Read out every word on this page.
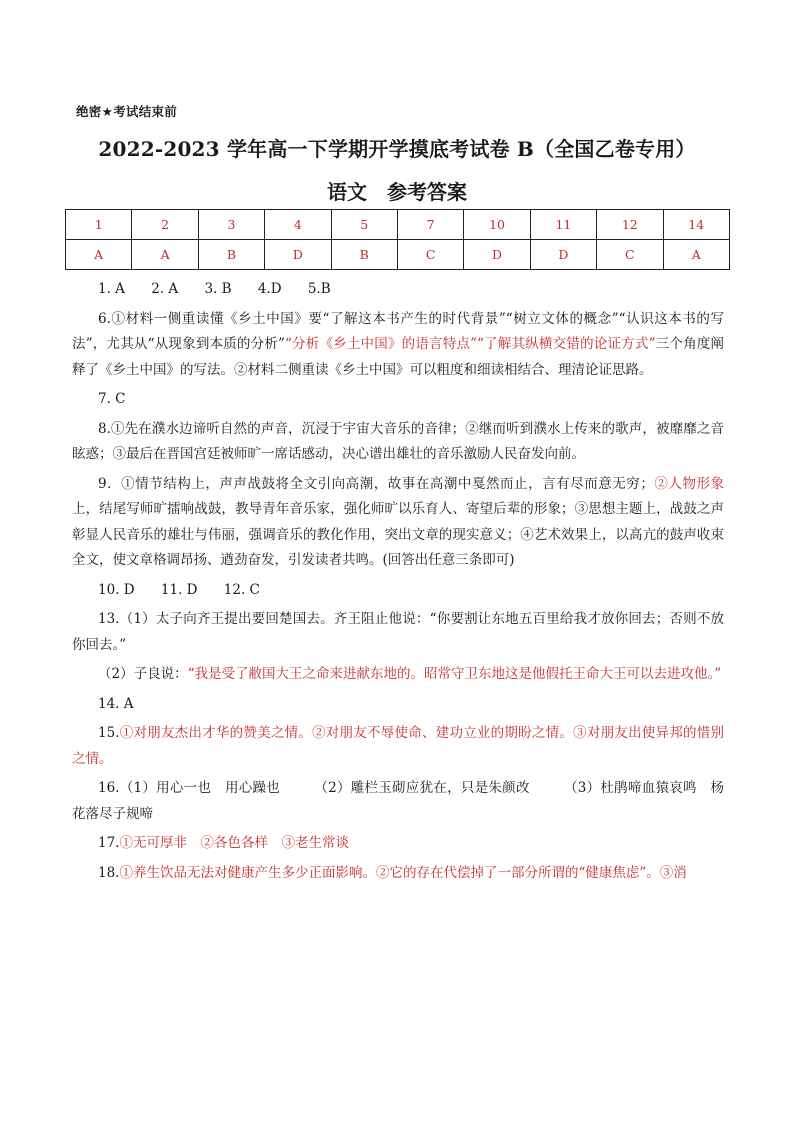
绝密★考试结束前
2022-2023 学年高一下学期开学摸底考试卷 B（全国乙卷专用）
语文　参考答案
1	2	3	4	5	7	10	11	12	14
A	A	B	D	B	C	D	D	C	A

1. A 2. A 3. B 4.D 5.B

6.①材料一侧重读懂《乡土中国》要“了解这本书产生的时代背景”“树立文体的概念”“认识这本书的写法”，尤其从“从现象到本质的分析”“分析《乡土中国》的语言特点”“了解其纵横交错的论证方式”三个角度阐释了《乡土中国》的写法。②材料二侧重读《乡土中国》可以粗度和细读相结合、理清论证思路。

7. C

8.①先在濮水边谛听自然的声音，沉浸于宇宙大音乐的音律；②继而听到濮水上传来的歌声，被靡靡之音眩惑；③最后在晋国宫廷被师旷一席话感动，决心谱出雄壮的音乐激励人民奋发向前。

9．①情节结构上，声声战鼓将全文引向高潮，故事在高潮中戛然而止，言有尽而意无穷；②人物形象上，结尾写师旷擂响战鼓，教导青年音乐家，强化师旷以乐育人、寄望后辈的形象；③思想主题上，战鼓之声彰显人民音乐的雄壮与伟丽，强调音乐的教化作用，突出文章的现实意义；④艺术效果上，以高亢的鼓声收束全文，使文章格调昂扬、遒劲奋发，引发读者共鸣。(回答出任意三条即可)

10. D 11. D 12. C

13.（1）太子向齐王提出要回楚国去。齐王阻止他说：“你要割让东地五百里给我才放你回去；否则不放你回去。”

（2）子良说：“我是受了敝国大王之命来进献东地的。昭常守卫东地这是他假托王命大王可以去进攻他。”

14. A

15.①对朋友杰出才华的赞美之情。②对朋友不辱使命、建功立业的期盼之情。③对朋友出使异邦的惜别之情。

16.（1）用心一也　用心躁也	（2）雕栏玉砌应犹在，只是朱颜改	（3）杜鹃啼血猿哀鸣　杨花落尽子规啼

17.①无可厚非　②各色各样　③老生常谈

18.①养生饮品无法对健康产生多少正面影响。②它的存在代偿掉了一部分所谓的“健康焦虑”。③消
